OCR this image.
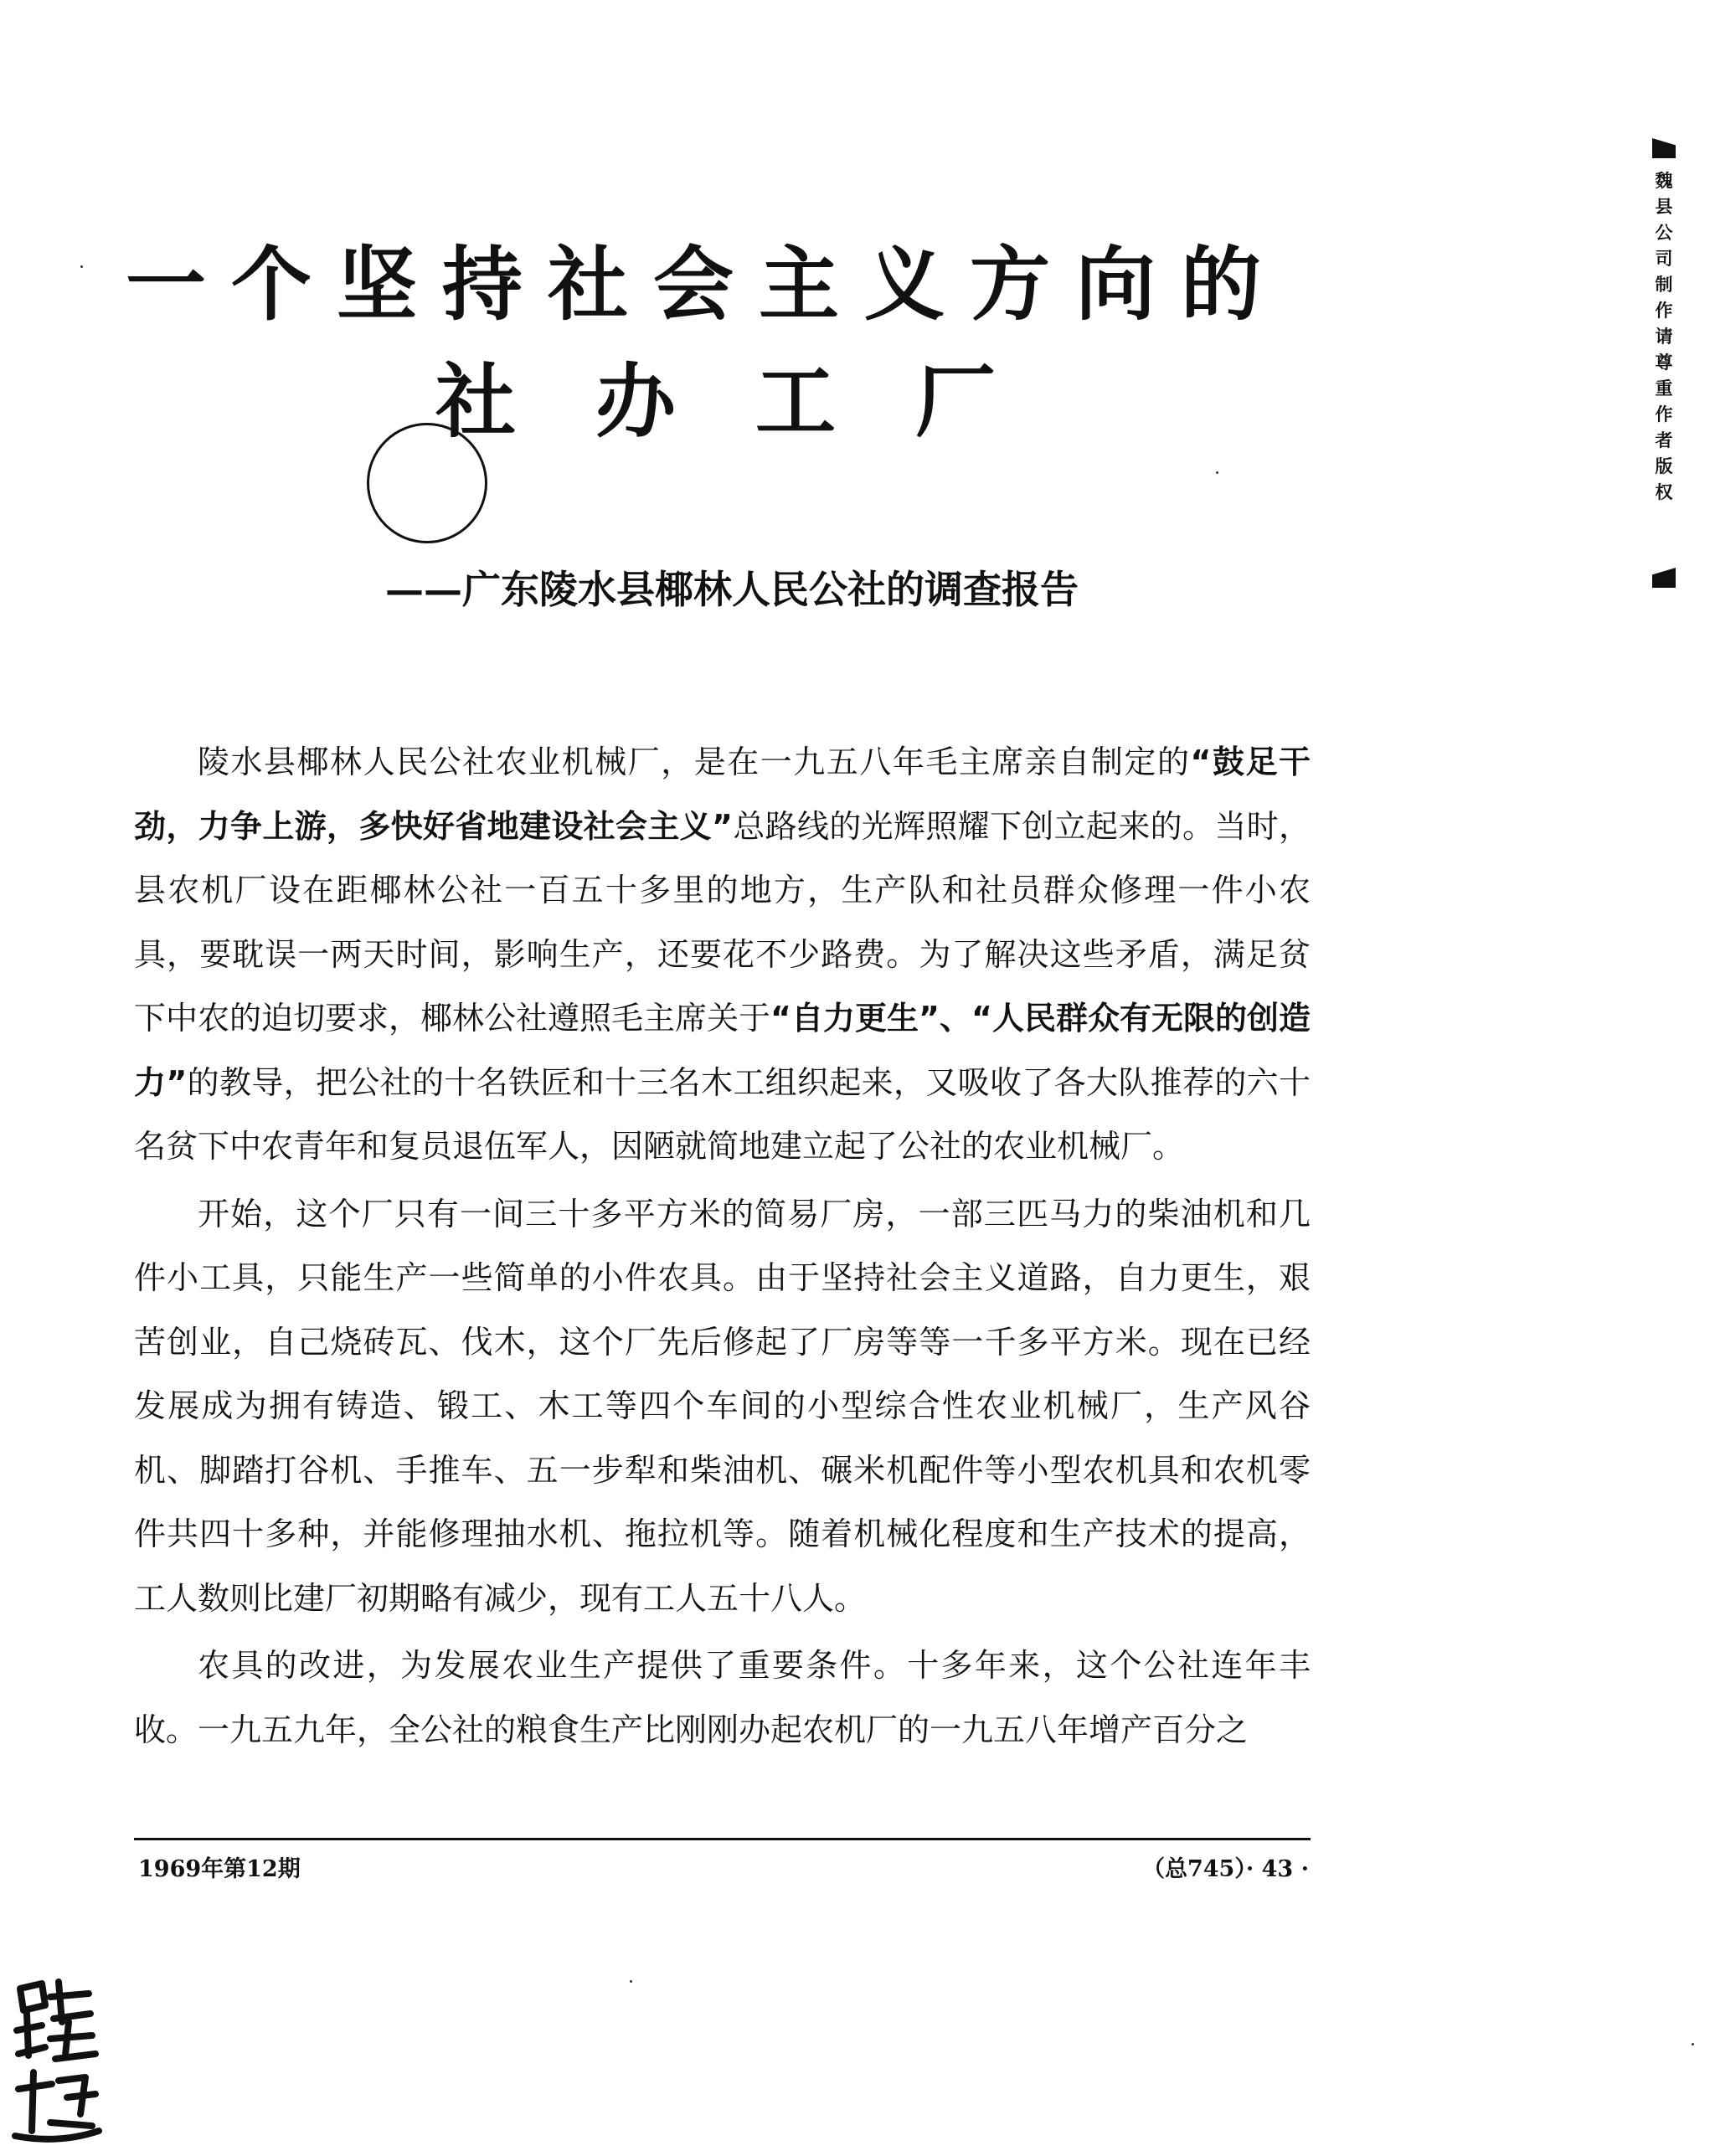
一个坚持社会主义方向的
社办工厂
——广东陵水县椰林人民公社的调查报告

陵水县椰林人民公社农业机械厂，是在一九五八年毛主席亲自制定的“鼓足干劲，力争上游，多快好省地建设社会主义”总路线的光辉照耀下创立起来的。当时，县农机厂设在距椰林公社一百五十多里的地方，生产队和社员群众修理一件小农具，要耽误一两天时间，影响生产，还要花不少路费。为了解决这些矛盾，满足贫下中农的迫切要求，椰林公社遵照毛主席关于“自力更生”、“人民群众有无限的创造力”的教导，把公社的十名铁匠和十三名木工组织起来，又吸收了各大队推荐的六十名贫下中农青年和复员退伍军人，因陋就简地建立起了公社的农业机械厂。

开始，这个厂只有一间三十多平方米的简易厂房，一部三匹马力的柴油机和几件小工具，只能生产一些简单的小件农具。由于坚持社会主义道路，自力更生，艰苦创业，自己烧砖瓦、伐木，这个厂先后修起了厂房等等一千多平方米。现在已经发展成为拥有铸造、锻工、木工等四个车间的小型综合性农业机械厂，生产风谷机、脚踏打谷机、手推车、五一步犁和柴油机、碾米机配件等小型农机具和农机零件共四十多种，并能修理抽水机、拖拉机等。随着机械化程度和生产技术的提高，工人数则比建厂初期略有减少，现有工人五十八人。

农具的改进，为发展农业生产提供了重要条件。十多年来，这个公社连年丰收。一九五九年，全公社的粮食生产比刚刚办起农机厂的一九五八年增产百分之

1969年第12期	（总745）· 43 ·
魏县公司制作请尊重作者版权
